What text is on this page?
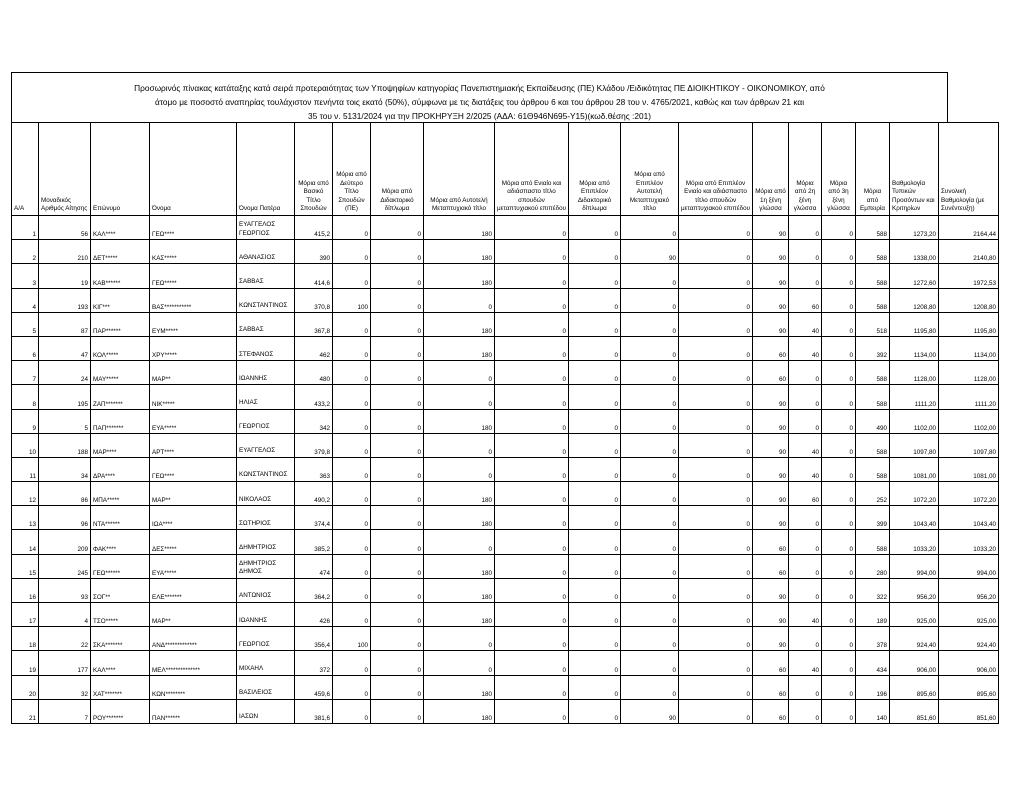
Προσωρινός πίνακας κατάταξης κατά σειρά προτεραιότητας των Υποψηφίων κατηγορίας Πανεπιστημιακής Εκπαίδευσης (ΠΕ) Κλάδου /Ειδικότητας ΠΕ ΔΙΟΙΚΗΤΙΚΟΥ - ΟΙΚΟΝΟΜΙΚΟΥ, από
άτομο με ποσοστό αναπηρίας τουλάχιστον πενήντα τοις εκατό (50%), σύμφωνα με τις διατάξεις του άρθρου 6 και του άρθρου 28 του ν. 4765/2021, καθώς και των άρθρων 21 και
35 του ν. 5131/2024 για την ΠΡΟΚΗΡΥΞΗ 2/2025 (ΑΔΑ: 61Θ946Ν695-Υ15)(κωδ.θέσης :201)
Α/Α	Μοναδικός Αριθμός Αίτησης	Επώνυμο	Όνομα	Όνομα Πατέρα	Μόρια από Βασικό Τίτλο Σπουδών	Μόρια από Δεύτερο Τίτλο Σπουδών (ΠΕ)	Μόρια από Διδακτορικό δίπλωμα	Μόρια από Αυτοτελή Μεταπτυχιακό τίτλο	Μόρια από Ενιαίο και αδιάσπαστο τίτλο σπουδών μεταπτυχιακού επιπέδου	Μόρια από Επιπλέον Διδακτορικό δίπλωμα	Μόρια από Επιπλέον Αυτοτελή Μεταπτυχιακό τίτλο	Μόρια από Επιπλέον Ενιαίο και αδιάσπαστο τίτλο σπουδών μεταπτυχιακού επιπέδου	Μόρια από 1η ξένη γλώσσα	Μόρια από 2η ξένη γλώσσα	Μόρια από 3η ξένη γλώσσα	Μόρια από Εμπειρία	Βαθμολογία Τυπικών Προσόντων και Κριτηρίων	Συνολική Βαθμολογία (με Συνέντευξη)
1	56	ΚΑΛ****	ΓΕΩ****	ΕΥΑΓΓΕΛΟΣ ΓΕΩΡΓΙΟΣ	415,2	0	0	180	0	0	0	0	90	0	0	588	1273,20	2164,44
2	210	ΔΕΤ*****	ΚΑΣ*****	ΑΘΑΝΑΣΙΟΣ	390	0	0	180	0	0	90	0	90	0	0	588	1338,00	2140,80
3	19	ΚΑΒ******	ΓΕΩ*****	ΣΑΒΒΑΣ	414,6	0	0	180	0	0	0	0	90	0	0	588	1272,60	1972,53
4	193	ΚΙΓ***	ΒΑΣ***********	ΚΩΝΣΤΑΝΤΙΝΟΣ	370,8	100	0	0	0	0	0	0	90	60	0	588	1208,80	1208,80
5	87	ΠΑΡ******	ΕΥΜ*****	ΣΑΒΒΑΣ	367,8	0	0	180	0	0	0	0	90	40	0	518	1195,80	1195,80
6	47	ΚΟΛ*****	ΧΡΥ*****	ΣΤΕΦΑΝΟΣ	462	0	0	180	0	0	0	0	60	40	0	392	1134,00	1134,00
7	24	ΜΑΥ*****	ΜΑΡ**	ΙΩΑΝΝΗΣ	480	0	0	0	0	0	0	0	60	0	0	588	1128,00	1128,00
8	195	ΖΑΠ*******	ΝΙΚ*****	ΗΛΙΑΣ	433,2	0	0	0	0	0	0	0	90	0	0	588	1111,20	1111,20
9	5	ΠΑΠ*******	ΕΥΑ*****	ΓΕΩΡΓΙΟΣ	342	0	0	180	0	0	0	0	90	0	0	490	1102,00	1102,00
10	188	ΜΑΡ****	ΑΡΤ****	ΕΥΑΓΓΕΛΟΣ	379,8	0	0	0	0	0	0	0	90	40	0	588	1097,80	1097,80
11	34	ΔΡΑ****	ΓΕΩ****	ΚΩΝΣΤΑΝΤΙΝΟΣ	363	0	0	0	0	0	0	0	90	40	0	588	1081,00	1081,00
12	86	ΜΠΑ*****	ΜΑΡ**	ΝΙΚΟΛΑΟΣ	490,2	0	0	180	0	0	0	0	90	60	0	252	1072,20	1072,20
13	96	ΝΤΑ******	ΙΩΑ****	ΣΩΤΗΡΙΟΣ	374,4	0	0	180	0	0	0	0	90	0	0	399	1043,40	1043,40
14	209	ΦΑΚ****	ΔΕΣ*****	ΔΗΜΗΤΡΙΟΣ	385,2	0	0	0	0	0	0	0	60	0	0	588	1033,20	1033,20
15	245	ΓΕΩ******	ΕΥΑ*****	ΔΗΜΗΤΡΙΟΣ ΔΗΜΟΣ	474	0	0	180	0	0	0	0	60	0	0	280	994,00	994,00
16	93	ΣΟΓ**	ΕΛΕ*******	ΑΝΤΩΝΙΟΣ	364,2	0	0	180	0	0	0	0	90	0	0	322	956,20	956,20
17	4	ΤΣΟ*****	ΜΑΡ**	ΙΩΑΝΝΗΣ	426	0	0	180	0	0	0	0	90	40	0	189	925,00	925,00
18	22	ΣΚΑ*******	ΑΝΔ*************	ΓΕΩΡΓΙΟΣ	356,4	100	0	0	0	0	0	0	90	0	0	378	924,40	924,40
19	177	ΚΑΛ****	ΜΕΛ**************	ΜΙΧΑΗΛ	372	0	0	0	0	0	0	0	60	40	0	434	906,00	906,00
20	32	ΧΑΤ*******	ΚΩΝ********	ΒΑΣΙΛΕΙΟΣ	459,6	0	0	180	0	0	0	0	60	0	0	196	895,60	895,60
21	7	ΡΟΥ*******	ΠΑΝ******	ΙΑΣΩΝ	381,6	0	0	180	0	0	90	0	60	0	0	140	851,60	851,60
